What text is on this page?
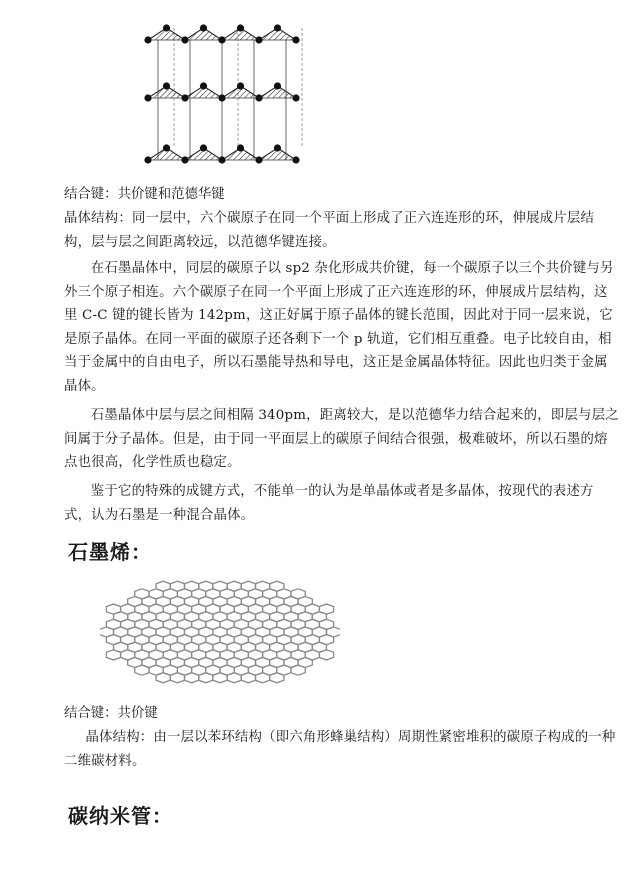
结合键：共价键和范德华键

晶体结构：同一层中，六个碳原子在同一个平面上形成了正六连连形的环，伸展成片层结构，层与层之间距离较远，以范德华键连接。

在石墨晶体中，同层的碳原子以 sp2 杂化形成共价键，每一个碳原子以三个共价键与另外三个原子相连。六个碳原子在同一个平面上形成了正六连连形的环，伸展成片层结构，这里 C-C 键的键长皆为 142pm，这正好属于原子晶体的键长范围，因此对于同一层来说，它是原子晶体。在同一平面的碳原子还各剩下一个 p 轨道，它们相互重叠。电子比较自由，相当于金属中的自由电子，所以石墨能导热和导电，这正是金属晶体特征。因此也归类于金属晶体。

石墨晶体中层与层之间相隔 340pm，距离较大，是以范德华力结合起来的，即层与层之间属于分子晶体。但是，由于同一平面层上的碳原子间结合很强，极难破坏，所以石墨的熔点也很高，化学性质也稳定。

鉴于它的特殊的成键方式，不能单一的认为是单晶体或者是多晶体，按现代的表述方式，认为石墨是一种混合晶体。

石墨烯：
结合键：共价键

晶体结构：由一层以苯环结构（即六角形蜂巢结构）周期性紧密堆积的碳原子构成的一种二维碳材料。

碳纳米管：
